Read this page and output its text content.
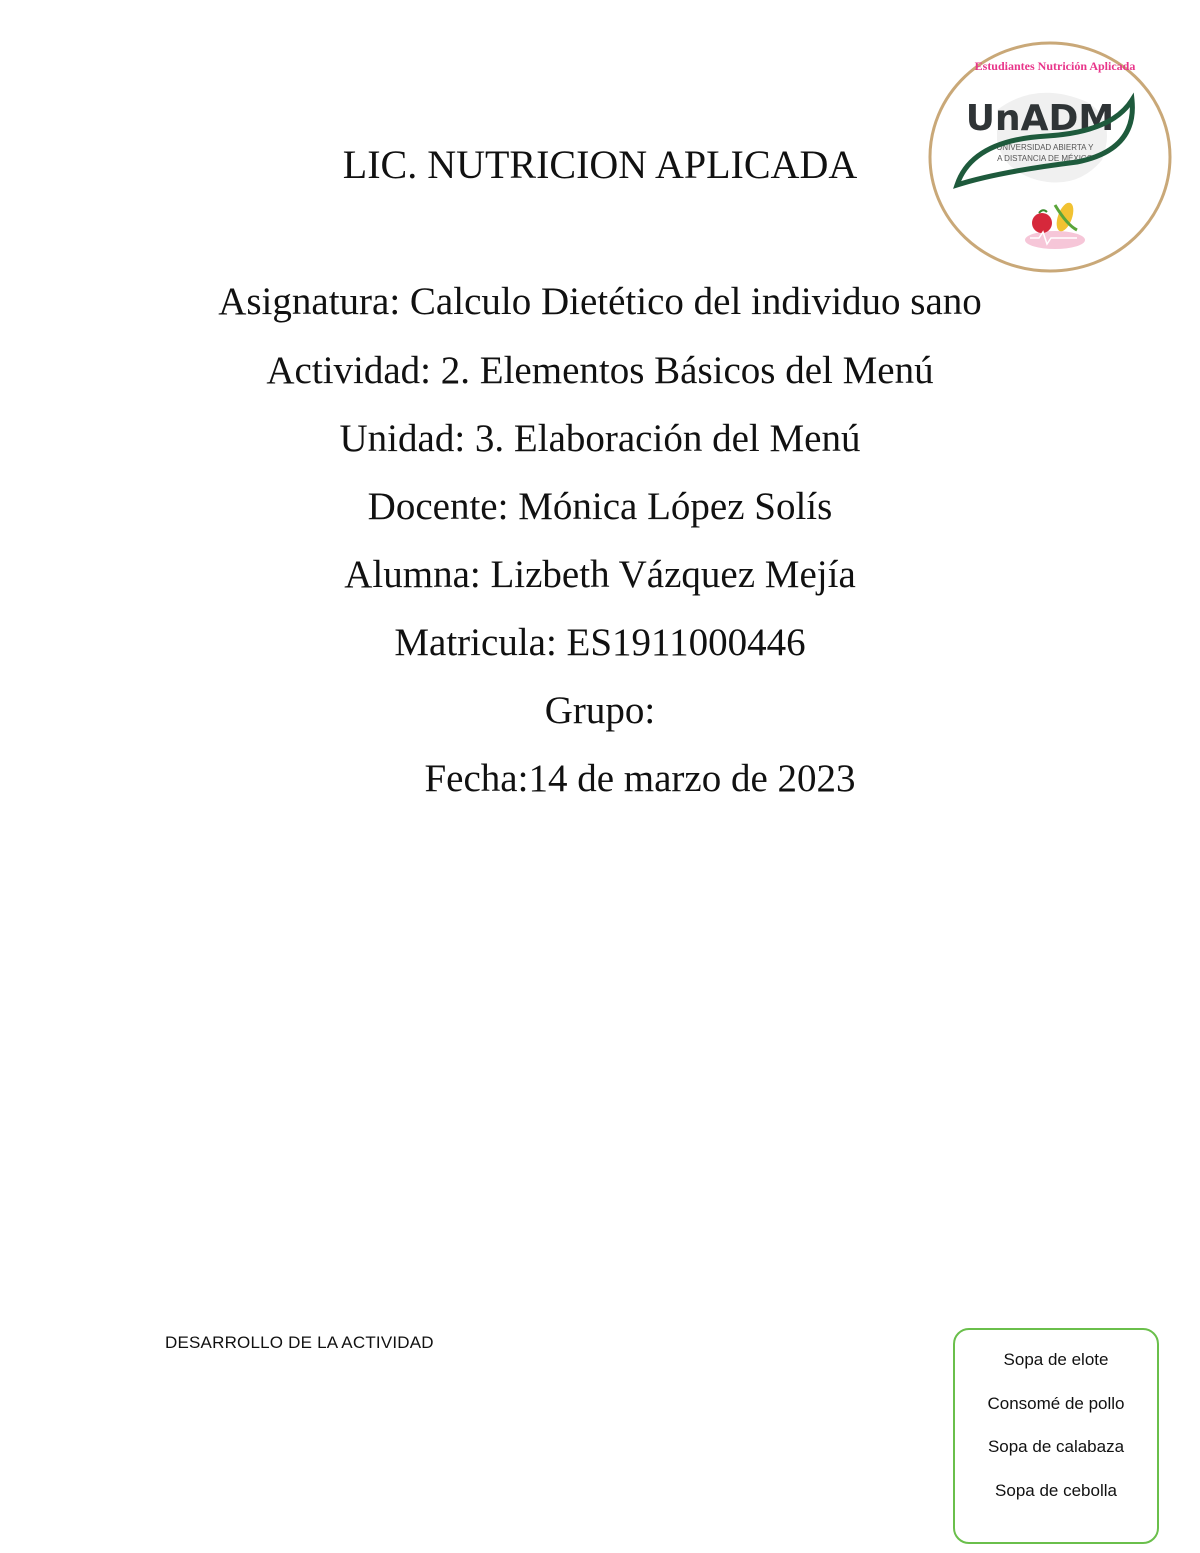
LIC. NUTRICION APLICADA
Estudiantes Nutrición Aplicada
UnADM
UNIVERSIDAD ABIERTA Y
A DISTANCIA DE MÉXICO
Asignatura: Calculo Dietético del individuo sano
Actividad: 2. Elementos Básicos del Menú
Unidad: 3. Elaboración del Menú
Docente: Mónica López Solís
Alumna: Lizbeth Vázquez Mejía
Matricula: ES1911000446
Grupo:
Fecha:14 de marzo de 2023
DESARROLLO DE LA ACTIVIDAD
Sopa de elote
Consomé de pollo
Sopa de calabaza
Sopa de cebolla
